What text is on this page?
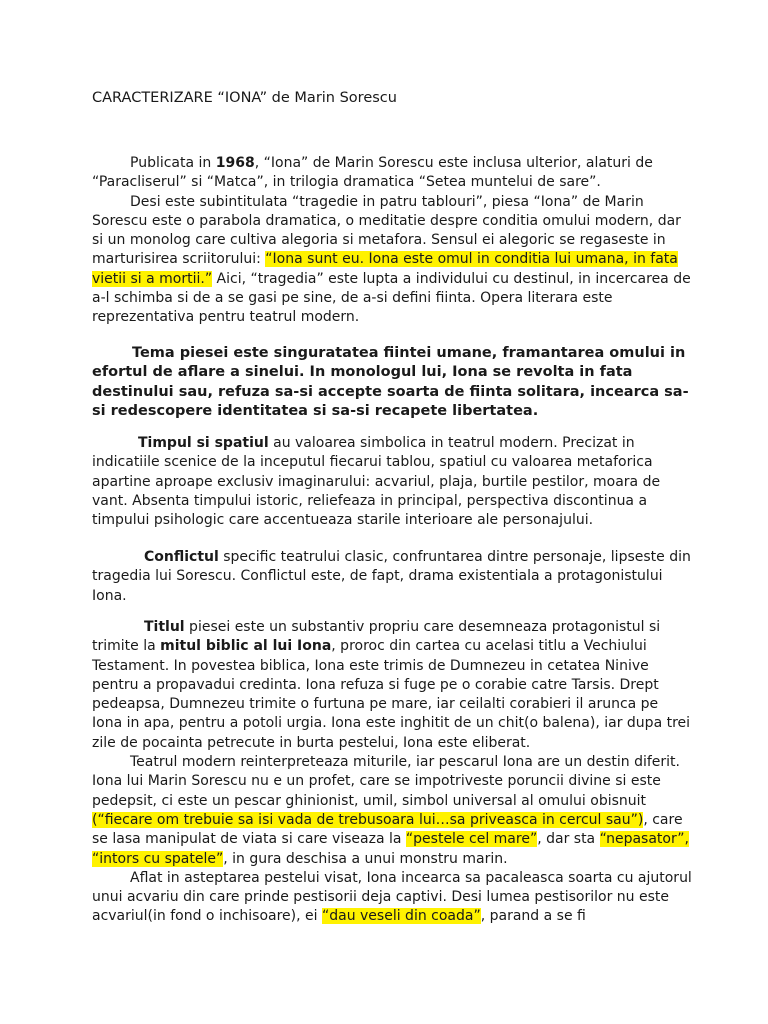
CARACTERIZARE “IONA” de Marin Sorescu

Publicata in 1968, “Iona” de Marin Sorescu este inclusa ulterior, alaturi de “Paracliserul” si “Matca”, in trilogia dramatica “Setea muntelui de sare”.

Desi este subintitulata “tragedie in patru tablouri”, piesa “Iona” de Marin Sorescu este o parabola dramatica, o meditatie despre conditia omului modern, dar si un monolog care cultiva alegoria si metafora. Sensul ei alegoric se regaseste in marturisirea scriitorului: “Iona sunt eu. Iona este omul in conditia lui umana, in fata vietii si a mortii.” Aici, “tragedia” este lupta a individului cu destinul, in incercarea de a-l schimba si de a se gasi pe sine, de a-si defini fiinta. Opera literara este reprezentativa pentru teatrul modern.

Tema piesei este singuratatea fiintei umane, framantarea omului in efortul de aflare a sinelui. In monologul lui, Iona se revolta in fata destinului sau, refuza sa-si accepte soarta de fiinta solitara, incearca sa-si redescopere identitatea si sa-si recapete libertatea.

Timpul si spatiul au valoarea simbolica in teatrul modern. Precizat in indicatiile scenice de la inceputul fiecarui tablou, spatiul cu valoarea metaforica apartine aproape exclusiv imaginarului: acvariul, plaja, burtile pestilor, moara de vant. Absenta timpului istoric, reliefeaza in principal, perspectiva discontinua a timpului psihologic care accentueaza starile interioare ale personajului.

Conflictul specific teatrului clasic, confruntarea dintre personaje, lipseste din tragedia lui Sorescu. Conflictul este, de fapt, drama existentiala a protagonistului Iona.

Titlul piesei este un substantiv propriu care desemneaza protagonistul si trimite la mitul biblic al lui Iona, proroc din cartea cu acelasi titlu a Vechiului Testament. In povestea biblica, Iona este trimis de Dumnezeu in cetatea Ninive pentru a propavadui credinta. Iona refuza si fuge pe o corabie catre Tarsis. Drept pedeapsa, Dumnezeu trimite o furtuna pe mare, iar ceilalti corabieri il arunca pe Iona in apa, pentru a potoli urgia. Iona este inghitit de un chit(o balena), iar dupa trei zile de pocainta petrecute in burta pestelui, Iona este eliberat.

Teatrul modern reinterpreteaza miturile, iar pescarul Iona are un destin diferit. Iona lui Marin Sorescu nu e un profet, care se impotriveste poruncii divine si este pedepsit, ci este un pescar ghinionist, umil, simbol universal al omului obisnuit (“fiecare om trebuie sa isi vada de trebusoara lui…sa priveasca in cercul sau”), care se lasa manipulat de viata si care viseaza la “pestele cel mare”, dar sta “nepasator”, “intors cu spatele”, in gura deschisa a unui monstru marin.

Aflat in asteptarea pestelui visat, Iona incearca sa pacaleasca soarta cu ajutorul unui acvariu din care prinde pestisorii deja captivi. Desi lumea pestisorilor nu este acvariul(in fond o inchisoare), ei “dau veseli din coada”, parand a se fi
